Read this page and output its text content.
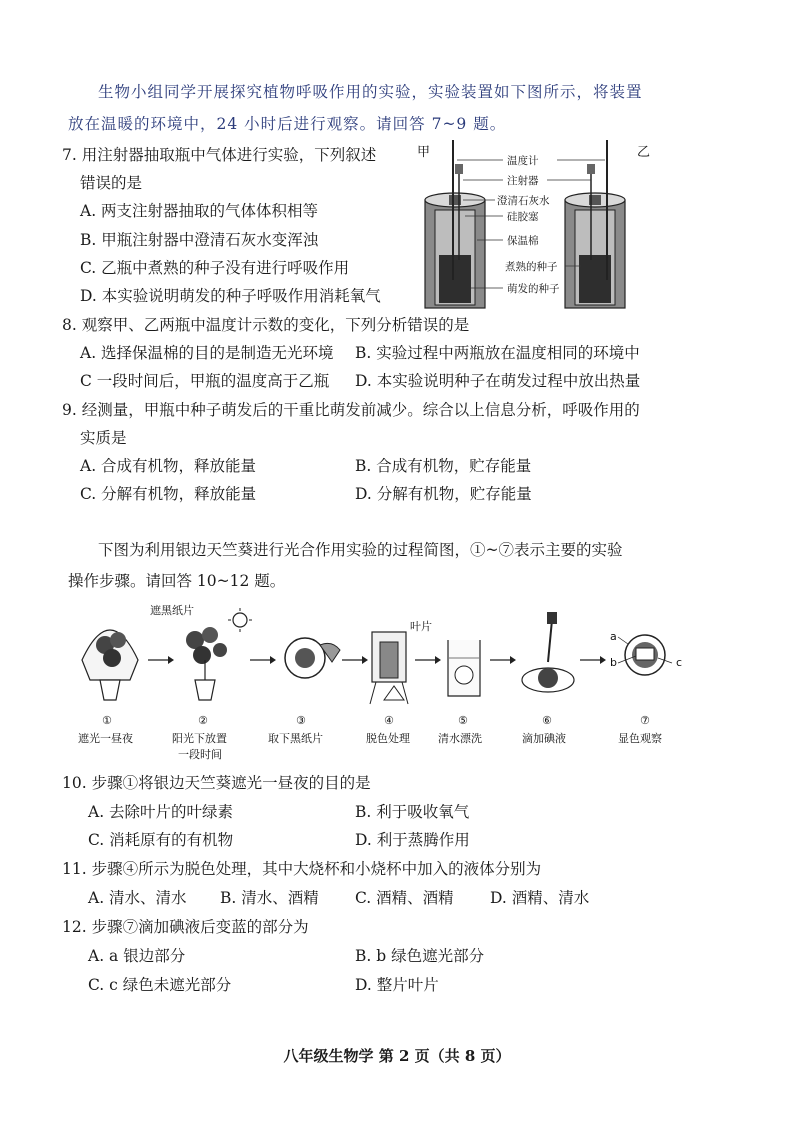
生物小组同学开展探究植物呼吸作用的实验，实验装置如下图所示，将装置
放在温暖的环境中，24 小时后进行观察。请回答 7~9 题。
7. 用注射器抽取瓶中气体进行实验，下列叙述
错误的是
A. 两支注射器抽取的气体体积相等
B. 甲瓶注射器中澄清石灰水变浑浊
C. 乙瓶中煮熟的种子没有进行呼吸作用
D. 本实验说明萌发的种子呼吸作用消耗氧气
甲	乙
温度计
注射器
澄清石灰水
硅胶塞
保温棉
煮熟的种子
萌发的种子
8. 观察甲、乙两瓶中温度计示数的变化，下列分析错误的是
A. 选择保温棉的目的是制造无光环境 B. 实验过程中两瓶放在温度相同的环境中
C 一段时间后，甲瓶的温度高于乙瓶 D. 本实验说明种子在萌发过程中放出热量
9. 经测量，甲瓶中种子萌发后的干重比萌发前减少。综合以上信息分析，呼吸作用的
实质是
A. 合成有机物，释放能量	B. 合成有机物，贮存能量
C. 分解有机物，释放能量	D. 分解有机物，贮存能量
下图为利用银边天竺葵进行光合作用实验的过程简图，①~⑦表示主要的实验
操作步骤。请回答 10~12 题。
遮黑纸片
叶片
a
b	c
①
遮光一昼夜
②
阳光下放置
一段时间
③
取下黑纸片
④
脱色处理
⑤
清水漂洗
⑥
滴加碘液
⑦
显色观察
10. 步骤①将银边天竺葵遮光一昼夜的目的是
A. 去除叶片的叶绿素	B. 利于吸收氧气
C. 消耗原有的有机物	D. 利于蒸腾作用
11. 步骤④所示为脱色处理，其中大烧杯和小烧杯中加入的液体分别为
A. 清水、清水 B. 清水、酒精 C. 酒精、酒精 D. 酒精、清水
12. 步骤⑦滴加碘液后变蓝的部分为
A. a 银边部分	B. b 绿色遮光部分
C. c 绿色未遮光部分	D. 整片叶片
八年级生物学 第 2 页（共 8 页）
